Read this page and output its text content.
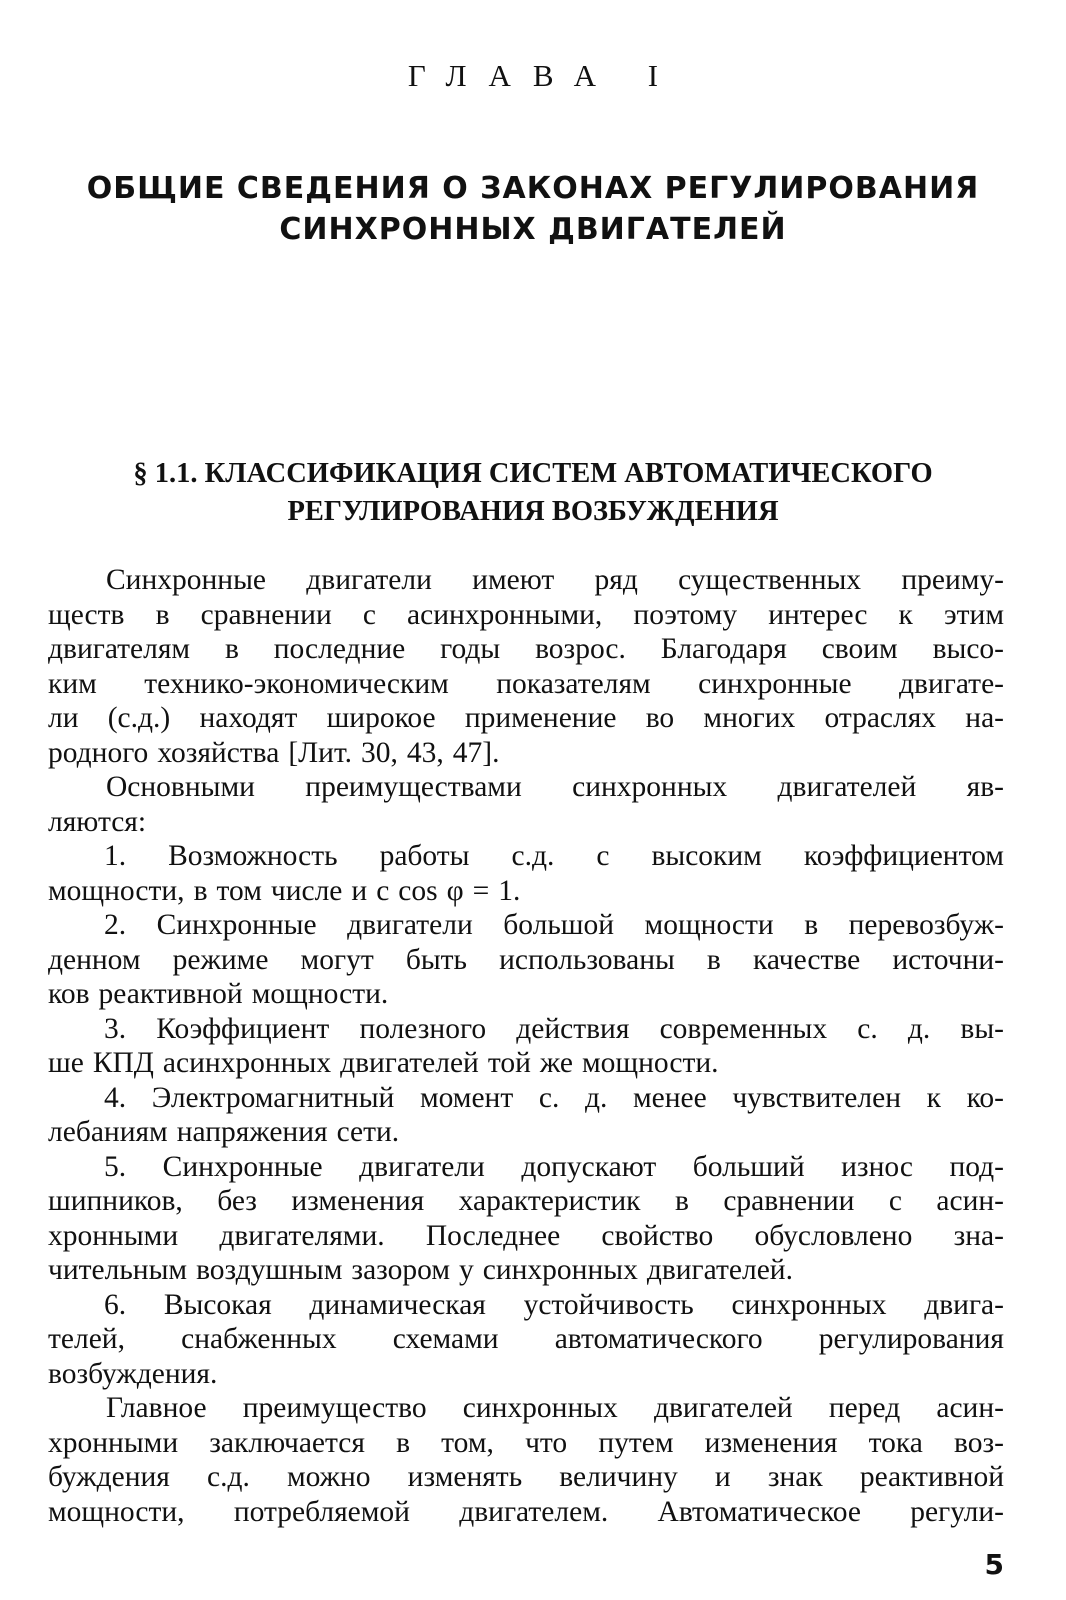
ГЛАВА I
ОБЩИЕ СВЕДЕНИЯ О ЗАКОНАХ РЕГУЛИРОВАНИЯ
СИНХРОННЫХ ДВИГАТЕЛЕЙ
§ 1.1. КЛАССИФИКАЦИЯ СИСТЕМ АВТОМАТИЧЕСКОГО
РЕГУЛИРОВАНИЯ ВОЗБУЖДЕНИЯ
Синхронные двигатели имеют ряд существенных преиму-
ществ в сравнении с асинхронными, поэтому интерес к этим
двигателям в последние годы возрос. Благодаря своим высо-
ким технико-экономическим показателям синхронные двигате-
ли (с.д.) находят широкое применение во многих отраслях на-
родного хозяйства [Лит. 30, 43, 47].
Основными преимуществами синхронных двигателей яв-
ляются:
1. Возможность работы с.д. с высоким коэффициентом
мощности, в том числе и с cos φ = 1.
2. Синхронные двигатели большой мощности в перевозбуж-
денном режиме могут быть использованы в качестве источни-
ков реактивной мощности.
3. Коэффициент полезного действия современных с. д. вы-
ше КПД асинхронных двигателей той же мощности.
4. Электромагнитный момент с. д. менее чувствителен к ко-
лебаниям напряжения сети.
5. Синхронные двигатели допускают больший износ под-
шипников, без изменения характеристик в сравнении с асин-
хронными двигателями. Последнее свойство обусловлено зна-
чительным воздушным зазором у синхронных двигателей.
6. Высокая динамическая устойчивость синхронных двига-
телей, снабженных схемами автоматического регулирования
возбуждения.
Главное преимущество синхронных двигателей перед асин-
хронными заключается в том, что путем изменения тока воз-
буждения с.д. можно изменять величину и знак реактивной
мощности, потребляемой двигателем. Автоматическое регули-
5
